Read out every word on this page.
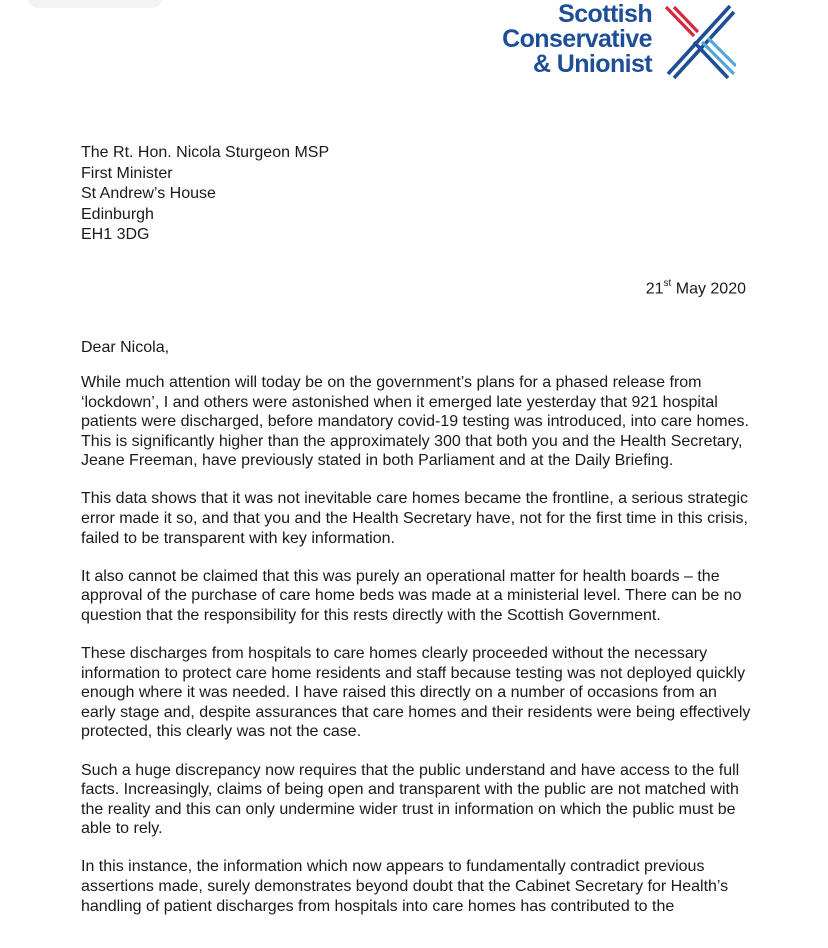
Scottish
Conservative
& Unionist
The Rt. Hon. Nicola Sturgeon MSP
First Minister
St Andrew’s House
Edinburgh
EH1 3DG
21st May 2020
Dear Nicola,

While much attention will today be on the government’s plans for a phased release from ‘lockdown’, I and others were astonished when it emerged late yesterday that 921 hospital patients were discharged, before mandatory covid-19 testing was introduced, into care homes. This is significantly higher than the approximately 300 that both you and the Health Secretary, Jeane Freeman, have previously stated in both Parliament and at the Daily Briefing.

This data shows that it was not inevitable care homes became the frontline, a serious strategic error made it so, and that you and the Health Secretary have, not for the first time in this crisis, failed to be transparent with key information.

It also cannot be claimed that this was purely an operational matter for health boards – the approval of the purchase of care home beds was made at a ministerial level. There can be no question that the responsibility for this rests directly with the Scottish Government.

These discharges from hospitals to care homes clearly proceeded without the necessary information to protect care home residents and staff because testing was not deployed quickly enough where it was needed. I have raised this directly on a number of occasions from an early stage and, despite assurances that care homes and their residents were being effectively protected, this clearly was not the case.

Such a huge discrepancy now requires that the public understand and have access to the full facts. Increasingly, claims of being open and transparent with the public are not matched with the reality and this can only undermine wider trust in information on which the public must be able to rely.

In this instance, the information which now appears to fundamentally contradict previous assertions made, surely demonstrates beyond doubt that the Cabinet Secretary for Health’s handling of patient discharges from hospitals into care homes has contributed to the
